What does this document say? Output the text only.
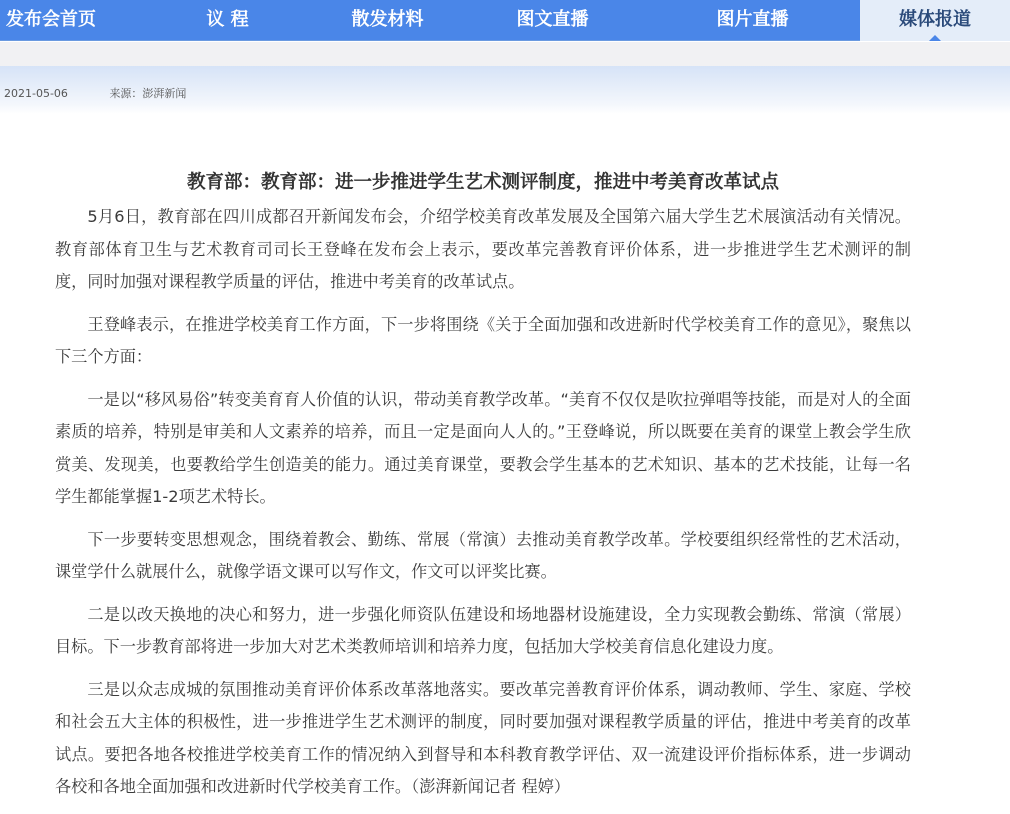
发布会首页	议 程	散发材料	图文直播	图片直播	媒体报道
2021-05-06	来源：澎湃新闻
教育部：教育部：进一步推进学生艺术测评制度，推进中考美育改革试点

5月6日，教育部在四川成都召开新闻发布会，介绍学校美育改革发展及全国第六届大学生艺术展演活动有关情况。教育部体育卫生与艺术教育司司长王登峰在发布会上表示，要改革完善教育评价体系，进一步推进学生艺术测评的制度，同时加强对课程教学质量的评估，推进中考美育的改革试点。

王登峰表示，在推进学校美育工作方面，下一步将围绕《关于全面加强和改进新时代学校美育工作的意见》，聚焦以下三个方面：

一是以“移风易俗”转变美育育人价值的认识，带动美育教学改革。“美育不仅仅是吹拉弹唱等技能，而是对人的全面素质的培养，特别是审美和人文素养的培养，而且一定是面向人人的。”王登峰说，所以既要在美育的课堂上教会学生欣赏美、发现美，也要教给学生创造美的能力。通过美育课堂，要教会学生基本的艺术知识、基本的艺术技能，让每一名学生都能掌握1-2项艺术特长。

下一步要转变思想观念，围绕着教会、勤练、常展（常演）去推动美育教学改革。学校要组织经常性的艺术活动，课堂学什么就展什么，就像学语文课可以写作文，作文可以评奖比赛。

二是以改天换地的决心和努力，进一步强化师资队伍建设和场地器材设施建设，全力实现教会勤练、常演（常展）目标。下一步教育部将进一步加大对艺术类教师培训和培养力度，包括加大学校美育信息化建设力度。

三是以众志成城的氛围推动美育评价体系改革落地落实。要改革完善教育评价体系，调动教师、学生、家庭、学校和社会五大主体的积极性，进一步推进学生艺术测评的制度，同时要加强对课程教学质量的评估，推进中考美育的改革试点。要把各地各校推进学校美育工作的情况纳入到督导和本科教育教学评估、双一流建设评价指标体系，进一步调动各校和各地全面加强和改进新时代学校美育工作。（澎湃新闻记者 程婷）
